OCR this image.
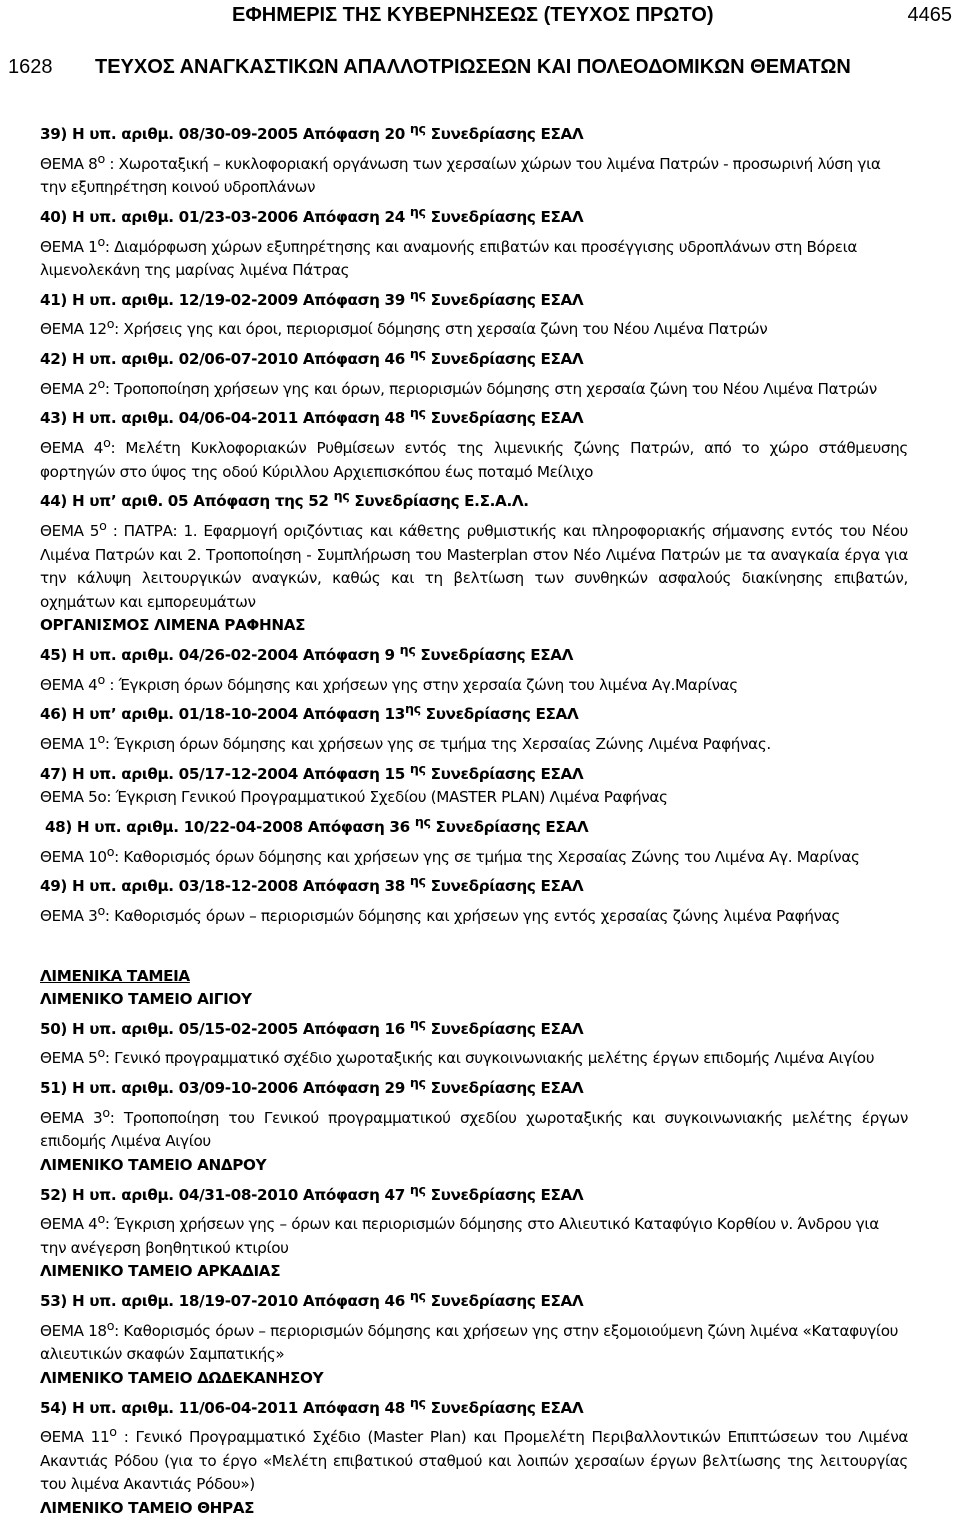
ΕΦΗΜΕΡΙΣ ΤΗΣ ΚΥΒΕΡΝΗΣΕΩΣ (ΤΕΥΧΟΣ ΠΡΩΤΟ)	4465
1628 ΤΕΥΧΟΣ ΑΝΑΓΚΑΣΤΙΚΩΝ ΑΠΑΛΛΟΤΡΙΩΣΕΩΝ ΚΑΙ ΠΟΛΕΟΔΟΜΙΚΩΝ ΘΕΜΑΤΩΝ

39) Η υπ. αριθμ. 08/30-09-2005 Απόφαση 20 $^{\eta\varsigma}$ Συνεδρίασης ΕΣΑΛ

ΘΕΜΑ $8^o$ : Χωροταξική – κυκλοφοριακή οργάνωση των χερσαίων χώρων του λιμένα Πατρών - προσωρινή λύση για την εξυπηρέτηση κοινού υδροπλάνων

40) Η υπ. αριθμ. 01/23-03-2006 Απόφαση 24 $^{\eta\varsigma}$ Συνεδρίασης ΕΣΑΛ

ΘΕΜΑ $1^o$: Διαμόρφωση χώρων εξυπηρέτησης και αναμονής επιβατών και προσέγγισης υδροπλάνων στη Βόρεια λιμενολεκάνη της μαρίνας λιμένα Πάτρας

41) Η υπ. αριθμ. 12/19-02-2009 Απόφαση 39 $^{\eta\varsigma}$ Συνεδρίασης ΕΣΑΛ

ΘΕΜΑ $12^o$: Χρήσεις γης και όροι, περιορισμοί δόμησης στη χερσαία ζώνη του Νέου Λιμένα Πατρών

42) Η υπ. αριθμ. 02/06-07-2010 Απόφαση 46 $^{\eta\varsigma}$ Συνεδρίασης ΕΣΑΛ

ΘΕΜΑ $2^o$: Τροποποίηση χρήσεων γης και όρων, περιορισμών δόμησης στη χερσαία ζώνη του Νέου Λιμένα Πατρών

43) Η υπ. αριθμ. 04/06-04-2011 Απόφαση 48 $^{\eta\varsigma}$ Συνεδρίασης ΕΣΑΛ

ΘΕΜΑ $4^o$: Μελέτη Κυκλοφοριακών Ρυθμίσεων εντός της λιμενικής ζώνης Πατρών, από το χώρο στάθμευσης φορτηγών στο ύψος της οδού Κύριλλου Αρχιεπισκόπου έως ποταμό Μείλιχο

44) Η υπ’ αριθ. 05 Απόφαση της 52 $^{\eta\varsigma}$ Συνεδρίασης Ε.Σ.Α.Λ.

ΘΕΜΑ $5^o$ : ΠΑΤΡΑ: 1. Εφαρμογή οριζόντιας και κάθετης ρυθμιστικής και πληροφοριακής σήμανσης εντός του Νέου Λιμένα Πατρών και 2. Τροποποίηση - Συμπλήρωση του Masterplan στον Νέο Λιμένα Πατρών με τα αναγκαία έργα για την κάλυψη λειτουργικών αναγκών, καθώς και τη βελτίωση των συνθηκών ασφαλούς διακίνησης επιβατών, οχημάτων και εμπορευμάτων

ΟΡΓΑΝΙΣΜΟΣ ΛΙΜΕΝΑ ΡΑΦΗΝΑΣ

45) Η υπ. αριθμ. 04/26-02-2004 Απόφαση 9 $^{\eta\varsigma}$ Συνεδρίασης ΕΣΑΛ

ΘΕΜΑ $4^o$ : Έγκριση όρων δόμησης και χρήσεων γης στην χερσαία ζώνη του λιμένα Αγ.Μαρίνας

46) Η υπ’ αριθμ. 01/18-10-2004 Απόφαση $13^{\eta\varsigma}$ Συνεδρίασης ΕΣΑΛ

ΘΕΜΑ $1^o$: Έγκριση όρων δόμησης και χρήσεων γης σε τμήμα της Χερσαίας Ζώνης Λιμένα Ραφήνας.

47) Η υπ. αριθμ. 05/17-12-2004 Απόφαση 15 $^{\eta\varsigma}$ Συνεδρίασης ΕΣΑΛ

ΘΕΜΑ 5ο: Έγκριση Γενικού Προγραμματικού Σχεδίου (MASTER PLAN) Λιμένα Ραφήνας

48) Η υπ. αριθμ. 10/22-04-2008 Απόφαση 36 $^{\eta\varsigma}$ Συνεδρίασης ΕΣΑΛ

ΘΕΜΑ $10^o$: Καθορισμός όρων δόμησης και χρήσεων γης σε τμήμα της Χερσαίας Ζώνης του Λιμένα Αγ. Μαρίνας

49) Η υπ. αριθμ. 03/18-12-2008 Απόφαση 38 $^{\eta\varsigma}$ Συνεδρίασης ΕΣΑΛ

ΘΕΜΑ $3^o$: Καθορισμός όρων – περιορισμών δόμησης και χρήσεων γης εντός χερσαίας ζώνης λιμένα Ραφήνας

ΛΙΜΕΝΙΚΑ ΤΑΜΕΙΑ

ΛΙΜΕΝΙΚΟ ΤΑΜΕΙΟ ΑΙΓΙΟΥ

50) Η υπ. αριθμ. 05/15-02-2005 Απόφαση 16 $^{\eta\varsigma}$ Συνεδρίασης ΕΣΑΛ

ΘΕΜΑ $5^o$: Γενικό προγραμματικό σχέδιο χωροταξικής και συγκοινωνιακής μελέτης έργων επιδομής Λιμένα Αιγίου

51) Η υπ. αριθμ. 03/09-10-2006 Απόφαση 29 $^{\eta\varsigma}$ Συνεδρίασης ΕΣΑΛ

ΘΕΜΑ $3^o$: Τροποποίηση του Γενικού προγραμματικού σχεδίου χωροταξικής και συγκοινωνιακής μελέτης έργων επιδομής Λιμένα Αιγίου

ΛΙΜΕΝΙΚΟ ΤΑΜΕΙΟ ΑΝΔΡΟΥ

52) Η υπ. αριθμ. 04/31-08-2010 Απόφαση 47 $^{\eta\varsigma}$ Συνεδρίασης ΕΣΑΛ

ΘΕΜΑ $4^o$: Έγκριση χρήσεων γης – όρων και περιορισμών δόμησης στο Αλιευτικό Καταφύγιο Κορθίου ν. Άνδρου για την ανέγερση βοηθητικού κτιρίου

ΛΙΜΕΝΙΚΟ ΤΑΜΕΙΟ ΑΡΚΑΔΙΑΣ

53) Η υπ. αριθμ. 18/19-07-2010 Απόφαση 46 $^{\eta\varsigma}$ Συνεδρίασης ΕΣΑΛ

ΘΕΜΑ $18^o$: Καθορισμός όρων – περιορισμών δόμησης και χρήσεων γης στην εξομοιούμενη ζώνη λιμένα «Καταφυγίου αλιευτικών σκαφών Σαμπατικής»

ΛΙΜΕΝΙΚΟ ΤΑΜΕΙΟ ΔΩΔΕΚΑΝΗΣΟΥ

54) Η υπ. αριθμ. 11/06-04-2011 Απόφαση 48 $^{\eta\varsigma}$ Συνεδρίασης ΕΣΑΛ

ΘΕΜΑ $11^o$ : Γενικό Προγραμματικό Σχέδιο (Master Plan) και Προμελέτη Περιβαλλοντικών Επιπτώσεων του Λιμένα Ακαντιάς Ρόδου (για το έργο «Μελέτη επιβατικού σταθμού και λοιπών χερσαίων έργων βελτίωσης της λειτουργίας του λιμένα Ακαντιάς Ρόδου»)

ΛΙΜΕΝΙΚΟ ΤΑΜΕΙΟ ΘΗΡΑΣ
